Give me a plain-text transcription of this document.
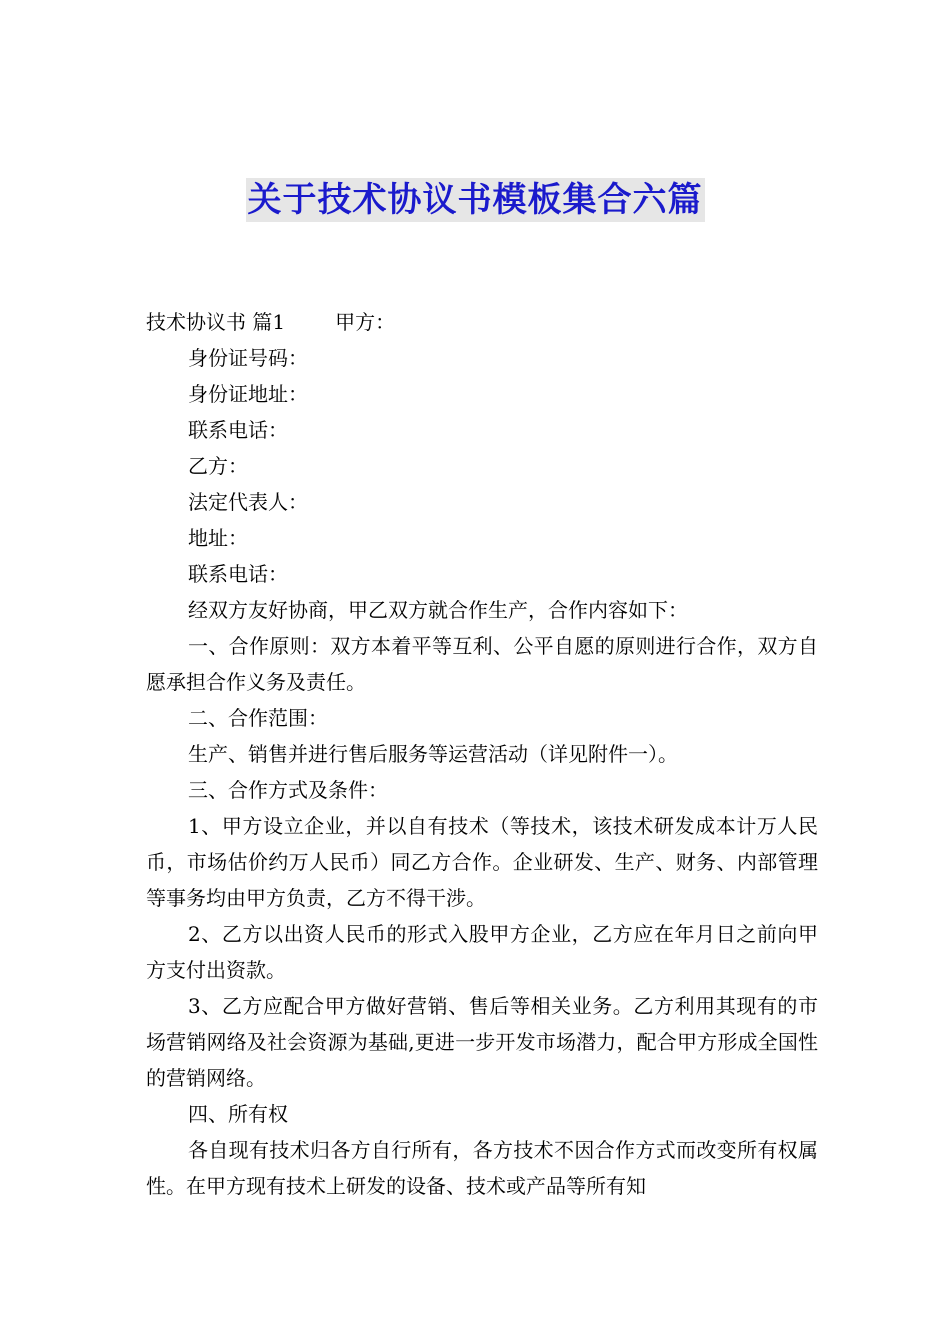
关于技术协议书模板集合六篇

技术协议书 篇1	甲方：

身份证号码：

身份证地址：

联系电话：

乙方：

法定代表人：

地址：

联系电话：

经双方友好协商，甲乙双方就合作生产，合作内容如下：

一、合作原则：双方本着平等互利、公平自愿的原则进行合作，双方自愿承担合作义务及责任。

二、合作范围：

生产、销售并进行售后服务等运营活动（详见附件一）。

三、合作方式及条件：

1、甲方设立企业，并以自有技术（等技术，该技术研发成本计万人民币，市场估价约万人民币）同乙方合作。企业研发、生产、财务、内部管理等事务均由甲方负责，乙方不得干涉。

2、乙方以出资人民币的形式入股甲方企业，乙方应在年月日之前向甲方支付出资款。

3、乙方应配合甲方做好营销、售后等相关业务。乙方利用其现有的市场营销网络及社会资源为基础,更进一步开发市场潜力，配合甲方形成全国性的营销网络。

四、所有权

各自现有技术归各方自行所有，各方技术不因合作方式而改变所有权属性。在甲方现有技术上研发的设备、技术或产品等所有知
